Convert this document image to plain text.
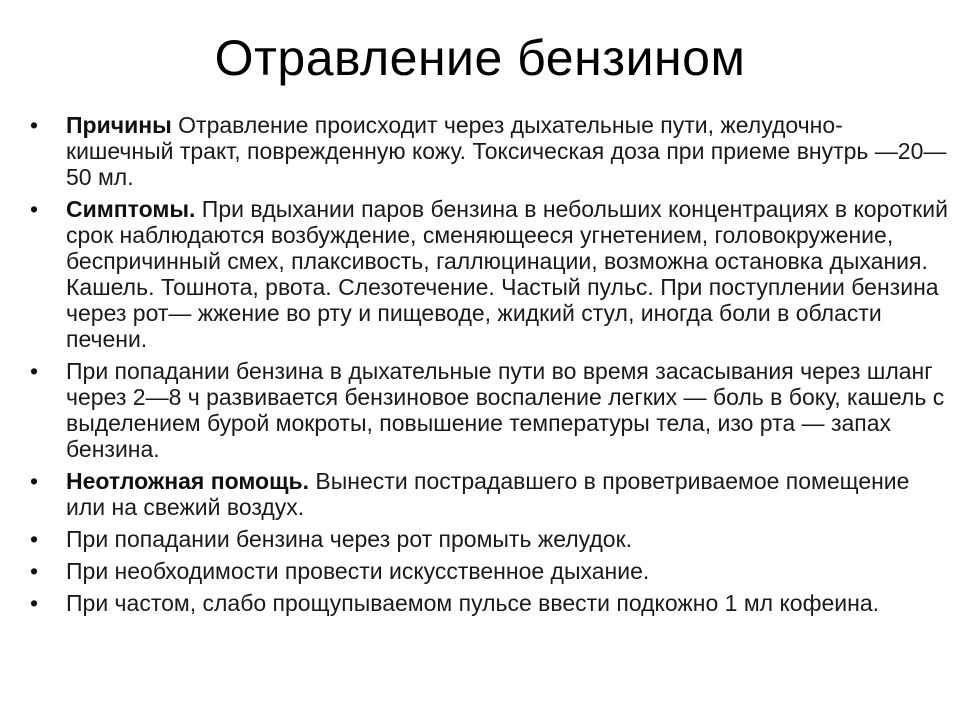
Отравление бензином
•	Причины Отравление происходит через дыхательные пути, желудочно-кишечный тракт, поврежденную кожу. Токсическая доза при приеме внутрь —20—50 мл.
•	Симптомы. При вдыхании паров бензина в небольших концентрациях в короткий срок наблюдаются возбуждение, сменяющееся угнетением, головокружение, беспричинный смех, плаксивость, галлюцинации, возможна остановка дыхания. Кашель. Тошнота, рвота. Слезотечение. Частый пульс. При поступлении бензина через рот— жжение во рту и пищеводе, жидкий стул, иногда боли в области печени.
•	При попадании бензина в дыхательные пути во время засасывания через шланг через 2—8 ч развивается бензиновое воспаление легких — боль в боку, кашель с выделением бурой мокроты, повышение температуры тела, изо рта — запах бензина.
•	Неотложная помощь. Вынести пострадавшего в проветриваемое помещение или на свежий воздух.
•	При попадании бензина через рот промыть желудок.
•	При необходимости провести искусственное дыхание.
•	При частом, слабо прощупываемом пульсе ввести подкожно 1 мл кофеина.
